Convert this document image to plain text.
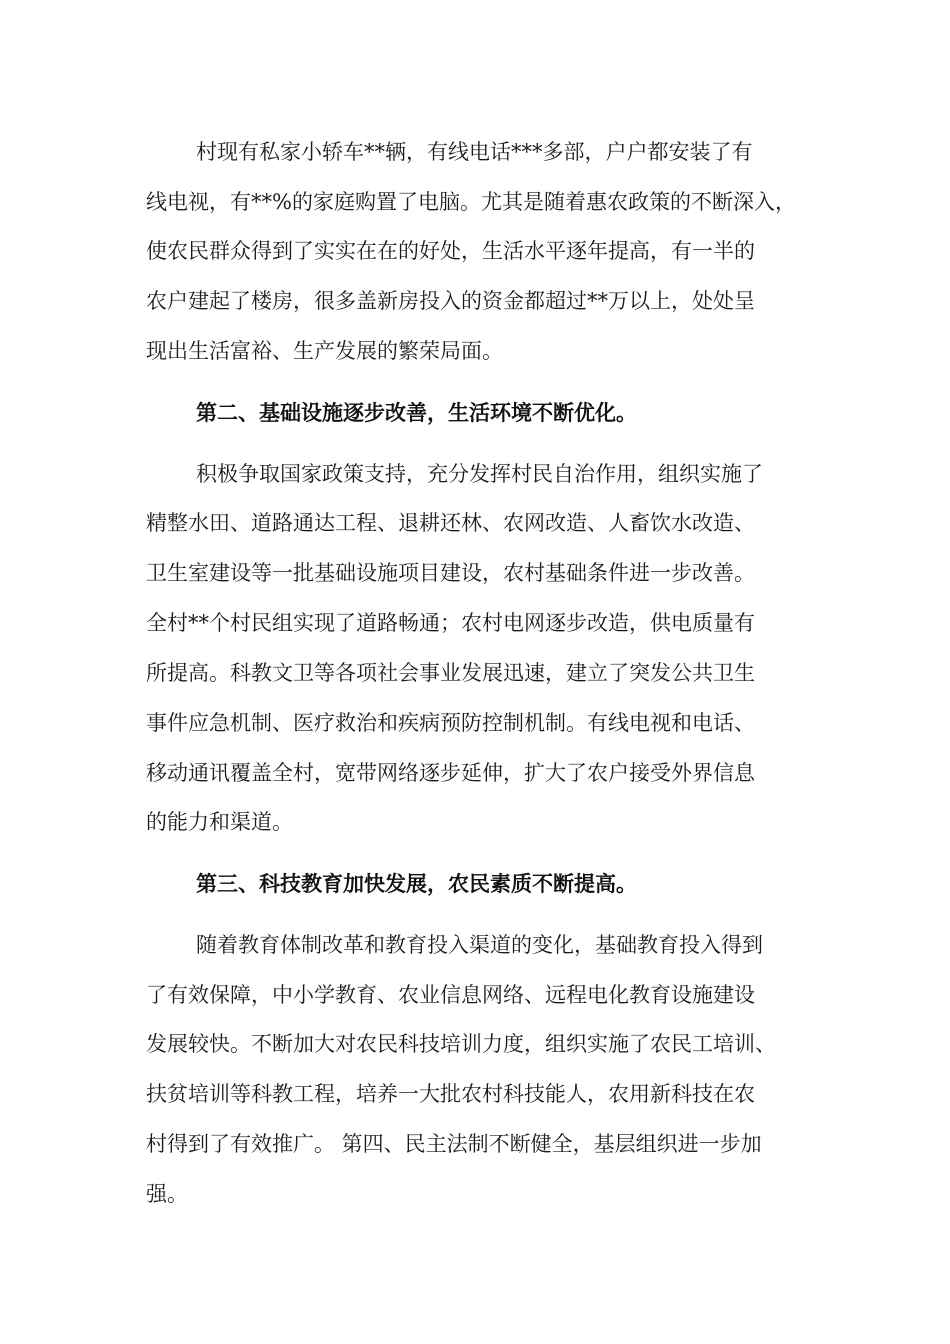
村现有私家小轿车**辆，有线电话***多部，户户都安装了有

线电视，有**%的家庭购置了电脑。尤其是随着惠农政策的不断深入，

使农民群众得到了实实在在的好处，生活水平逐年提高，有一半的

农户建起了楼房，很多盖新房投入的资金都超过**万以上，处处呈

现出生活富裕、生产发展的繁荣局面。

第二、基础设施逐步改善，生活环境不断优化。

积极争取国家政策支持，充分发挥村民自治作用，组织实施了

精整水田、道路通达工程、退耕还林、农网改造、人畜饮水改造、

卫生室建设等一批基础设施项目建设，农村基础条件进一步改善。

全村**个村民组实现了道路畅通；农村电网逐步改造，供电质量有

所提高。科教文卫等各项社会事业发展迅速，建立了突发公共卫生

事件应急机制、医疗救治和疾病预防控制机制。有线电视和电话、

移动通讯覆盖全村，宽带网络逐步延伸，扩大了农户接受外界信息

的能力和渠道。

第三、科技教育加快发展，农民素质不断提高。

随着教育体制改革和教育投入渠道的变化，基础教育投入得到

了有效保障，中小学教育、农业信息网络、远程电化教育设施建设

发展较快。不断加大对农民科技培训力度，组织实施了农民工培训、

扶贫培训等科教工程，培养一大批农村科技能人，农用新科技在农

村得到了有效推广。 第四、民主法制不断健全，基层组织进一步加

强。
